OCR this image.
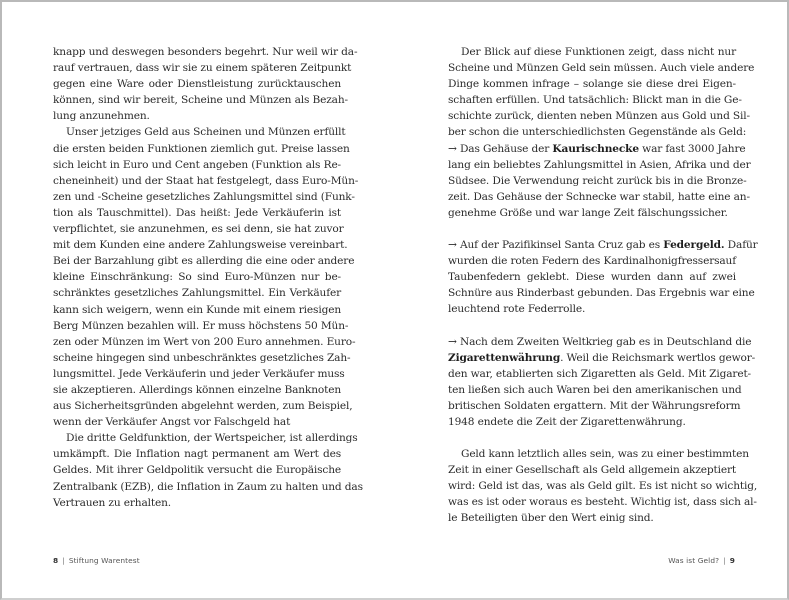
knapp und deswegen besonders begehrt. Nur weil wir da-
rauf vertrauen, dass wir sie zu einem späteren Zeitpunkt
gegen eine Ware oder Dienstleistung zurücktauschen
können, sind wir bereit, Scheine und Münzen als Bezah-
lung anzunehmen.
Unser jetziges Geld aus Scheinen und Münzen erfüllt
die ersten beiden Funktionen ziemlich gut. Preise lassen
sich leicht in Euro und Cent angeben (Funktion als Re-
cheneinheit) und der Staat hat festgelegt, dass Euro-Mün-
zen und -Scheine gesetzliches Zahlungsmittel sind (Funk-
tion als Tauschmittel). Das heißt: Jede Verkäuferin ist
verpflichtet, sie anzunehmen, es sei denn, sie hat zuvor
mit dem Kunden eine andere Zahlungsweise vereinbart.
Bei der Barzahlung gibt es allerding die eine oder andere
kleine Einschränkung: So sind Euro-Münzen nur be-
schränktes gesetzliches Zahlungsmittel. Ein Verkäufer
kann sich weigern, wenn ein Kunde mit einem riesigen
Berg Münzen bezahlen will. Er muss höchstens 50 Mün-
zen oder Münzen im Wert von 200 Euro annehmen. Euro-
scheine hingegen sind unbeschränktes gesetzliches Zah-
lungsmittel. Jede Verkäuferin und jeder Verkäufer muss
sie akzeptieren. Allerdings können einzelne Banknoten
aus Sicherheitsgründen abgelehnt werden, zum Beispiel,
wenn der Verkäufer Angst vor Falschgeld hat
Die dritte Geldfunktion, der Wertspeicher, ist allerdings
umkämpft. Die Inflation nagt permanent am Wert des
Geldes. Mit ihrer Geldpolitik versucht die Europäische
Zentralbank (EZB), die Inflation in Zaum zu halten und das
Vertrauen zu erhalten.
8 | Stiftung Warentest
Der Blick auf diese Funktionen zeigt, dass nicht nur
Scheine und Münzen Geld sein müssen. Auch viele andere
Dinge kommen infrage – solange sie diese drei Eigen-
schaften erfüllen. Und tatsächlich: Blickt man in die Ge-
schichte zurück, dienten neben Münzen aus Gold und Sil-
ber schon die unterschiedlichsten Gegenstände als Geld:
→ Das Gehäuse der Kaurischnecke war fast 3000 Jahre
lang ein beliebtes Zahlungsmittel in Asien, Afrika und der
Südsee. Die Verwendung reicht zurück bis in die Bronze-
zeit. Das Gehäuse der Schnecke war stabil, hatte eine an-
genehme Größe und war lange Zeit fälschungssicher.
→ Auf der Pazifikinsel Santa Cruz gab es Federgeld. Dafür
wurden die roten Federn des Kardinalhonigfressersauf
Taubenfedern geklebt. Diese wurden dann auf zwei
Schnüre aus Rinderbast gebunden. Das Ergebnis war eine
leuchtend rote Federrolle.
→ Nach dem Zweiten Weltkrieg gab es in Deutschland die
Zigarettenwährung. Weil die Reichsmark wertlos gewor-
den war, etablierten sich Zigaretten als Geld. Mit Zigaret-
ten ließen sich auch Waren bei den amerikanischen und
britischen Soldaten ergattern. Mit der Währungsreform
1948 endete die Zeit der Zigarettenwährung.
Geld kann letztlich alles sein, was zu einer bestimmten
Zeit in einer Gesellschaft als Geld allgemein akzeptiert
wird: Geld ist das, was als Geld gilt. Es ist nicht so wichtig,
was es ist oder woraus es besteht. Wichtig ist, dass sich al-
le Beteiligten über den Wert einig sind.
Was ist Geld? | 9
